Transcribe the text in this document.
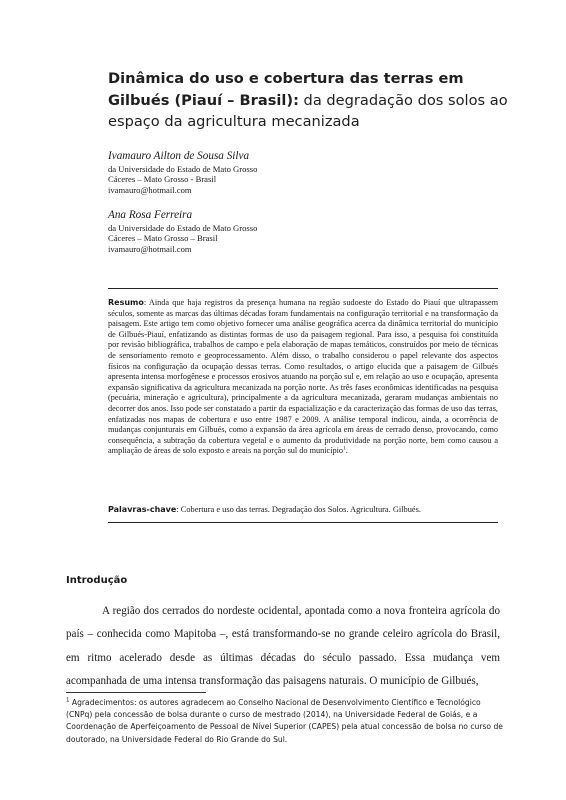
Dinâmica do uso e cobertura das terras em Gilbués (Piauí – Brasil): da degradação dos solos ao espaço da agricultura mecanizada
Ivamauro Ailton de Sousa Silva
da Universidade do Estado de Mato Grosso
Cáceres – Mato Grosso - Brasil
ivamauro@hotmail.com
Ana Rosa Ferreira
da Universidade do Estado de Mato Grosso
Cáceres – Mato Grosso – Brasil
ivamauro@hotmail.com
Resumo: Ainda que haja registros da presença humana na região sudoeste do Estado do Piauí que ultrapassem séculos, somente as marcas das últimas décadas foram fundamentais na configuração territorial e na transformação da paisagem. Este artigo tem como objetivo fornecer uma análise geográfica acerca da dinâmica territorial do município de Gilbués-Piauí, enfatizando as distintas formas de uso da paisagem regional. Para isso, a pesquisa foi constituída por revisão bibliográfica, trabalhos de campo e pela elaboração de mapas temáticos, construídos por meio de técnicas de sensoriamento remoto e geoprocessamento. Além disso, o trabalho considerou o papel relevante dos aspectos físicos na configuração da ocupação dessas terras. Como resultados, o artigo elucida que a paisagem de Gilbués apresenta intensa morfogênese e processos erosivos atuando na porção sul e, em relação ao uso e ocupação, apresenta expansão significativa da agricultura mecanizada na porção norte. As três fases econômicas identificadas na pesquisa (pecuária, mineração e agricultura), principalmente a da agricultura mecanizada, geraram mudanças ambientais no decorrer dos anos. Isso pode ser constatado a partir da espacialização e da caracterização das formas de uso das terras, enfatizadas nos mapas de cobertura e uso entre 1987 e 2009. A análise temporal indicou, ainda, a ocorrência de mudanças conjunturais em Gilbués, como a expansão da área agrícola em áreas de cerrado denso, provocando, como consequência, a subtração da cobertura vegetal e o aumento da produtividade na porção norte, bem como causou a ampliação de áreas de solo exposto e areais na porção sul do município$^1$.
Palavras-chave: Cobertura e uso das terras. Degradação dos Solos. Agricultura. Gilbués.
Introdução

A região dos cerrados do nordeste ocidental, apontada como a nova fronteira agrícola do país – conhecida como Mapitoba –, está transformando-se no grande celeiro agrícola do Brasil, em ritmo acelerado desde as últimas décadas do século passado. Essa mudança vem acompanhada de uma intensa transformação das paisagens naturais. O município de Gilbués,

$^1$ Agradecimentos: os autores agradecem ao Conselho Nacional de Desenvolvimento Científico e Tecnológico (CNPq) pela concessão de bolsa durante o curso de mestrado (2014), na Universidade Federal de Goiás, e a Coordenação de Aperfeiçoamento de Pessoal de Nível Superior (CAPES) pela atual concessão de bolsa no curso de doutorado, na Universidade Federal do Rio Grande do Sul.
